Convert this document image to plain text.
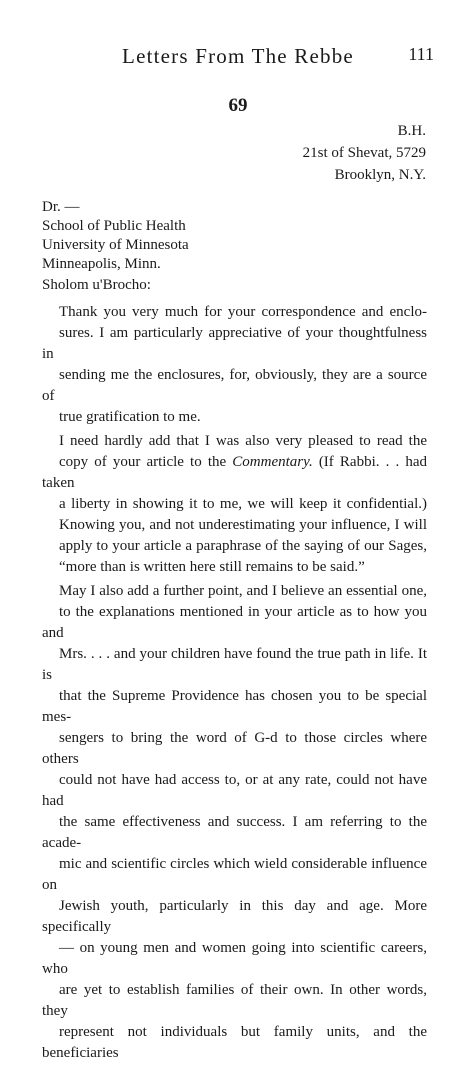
Letters From The Rebbe	111
69
B.H.
21st of Shevat, 5729
Brooklyn, N.Y.
Dr. —
School of Public Health
University of Minnesota
Minneapolis, Minn.
Sholom u'Brocho:

Thank you very much for your correspondence and enclo-
sures. I am particularly appreciative of your thoughtfulness in
sending me the enclosures, for, obviously, they are a source of
true gratification to me.

I need hardly add that I was also very pleased to read the
copy of your article to the Commentary. (If Rabbi. . . had taken
a liberty in showing it to me, we will keep it confidential.)
Knowing you, and not underestimating your influence, I will
apply to your article a paraphrase of the saying of our Sages,
“more than is written here still remains to be said.”

May I also add a further point, and I believe an essential one,
to the explanations mentioned in your article as to how you and
Mrs. . . . and your children have found the true path in life. It is
that the Supreme Providence has chosen you to be special mes-
sengers to bring the word of G-d to those circles where others
could not have had access to, or at any rate, could not have had
the same effectiveness and success. I am referring to the acade-
mic and scientific circles which wield considerable influence on
Jewish youth, particularly in this day and age. More specifically
— on young men and women going into scientific careers, who
are yet to establish families of their own. In other words, they
represent not individuals but family units, and the beneficiaries
